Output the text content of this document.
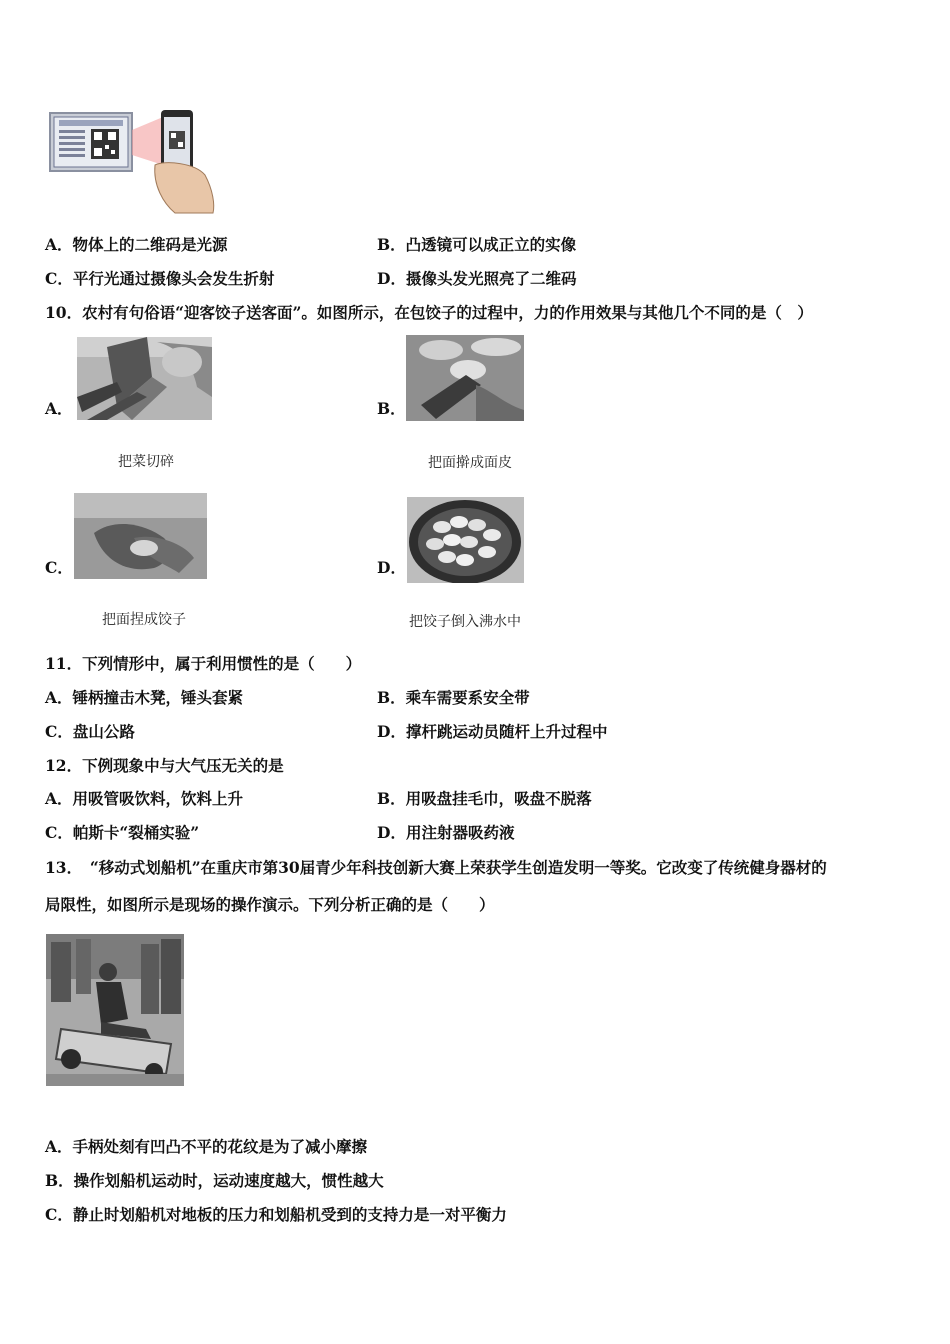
A．物体上的二维码是光源	B．凸透镜可以成正立的实像
C．平行光通过摄像头会发生折射	D．摄像头发光照亮了二维码
10．农村有句俗语“迎客饺子送客面”。如图所示，在包饺子的过程中，力的作用效果与其他几个不同的是（　）
A．
把菜切碎
B．
把面擀成面皮
C．
把面捏成饺子
D．
把饺子倒入沸水中
11．下列情形中，属于利用惯性的是（　　）
A．锤柄撞击木凳，锤头套紧	B．乘车需要系安全带
C．盘山公路	D．撑杆跳运动员随杆上升过程中
12．下例现象中与大气压无关的是
A．用吸管吸饮料，饮料上升	B．用吸盘挂毛巾，吸盘不脱落
C．帕斯卡“裂桶实验”	D．用注射器吸药液
13．　“移动式划船机”在重庆市第30届青少年科技创新大赛上荣获学生创造发明一等奖。它改变了传统健身器材的
局限性，如图所示是现场的操作演示。下列分析正确的是（　　）
A．手柄处刻有凹凸不平的花纹是为了减小摩擦
B．操作划船机运动时，运动速度越大，惯性越大
C．静止时划船机对地板的压力和划船机受到的支持力是一对平衡力
